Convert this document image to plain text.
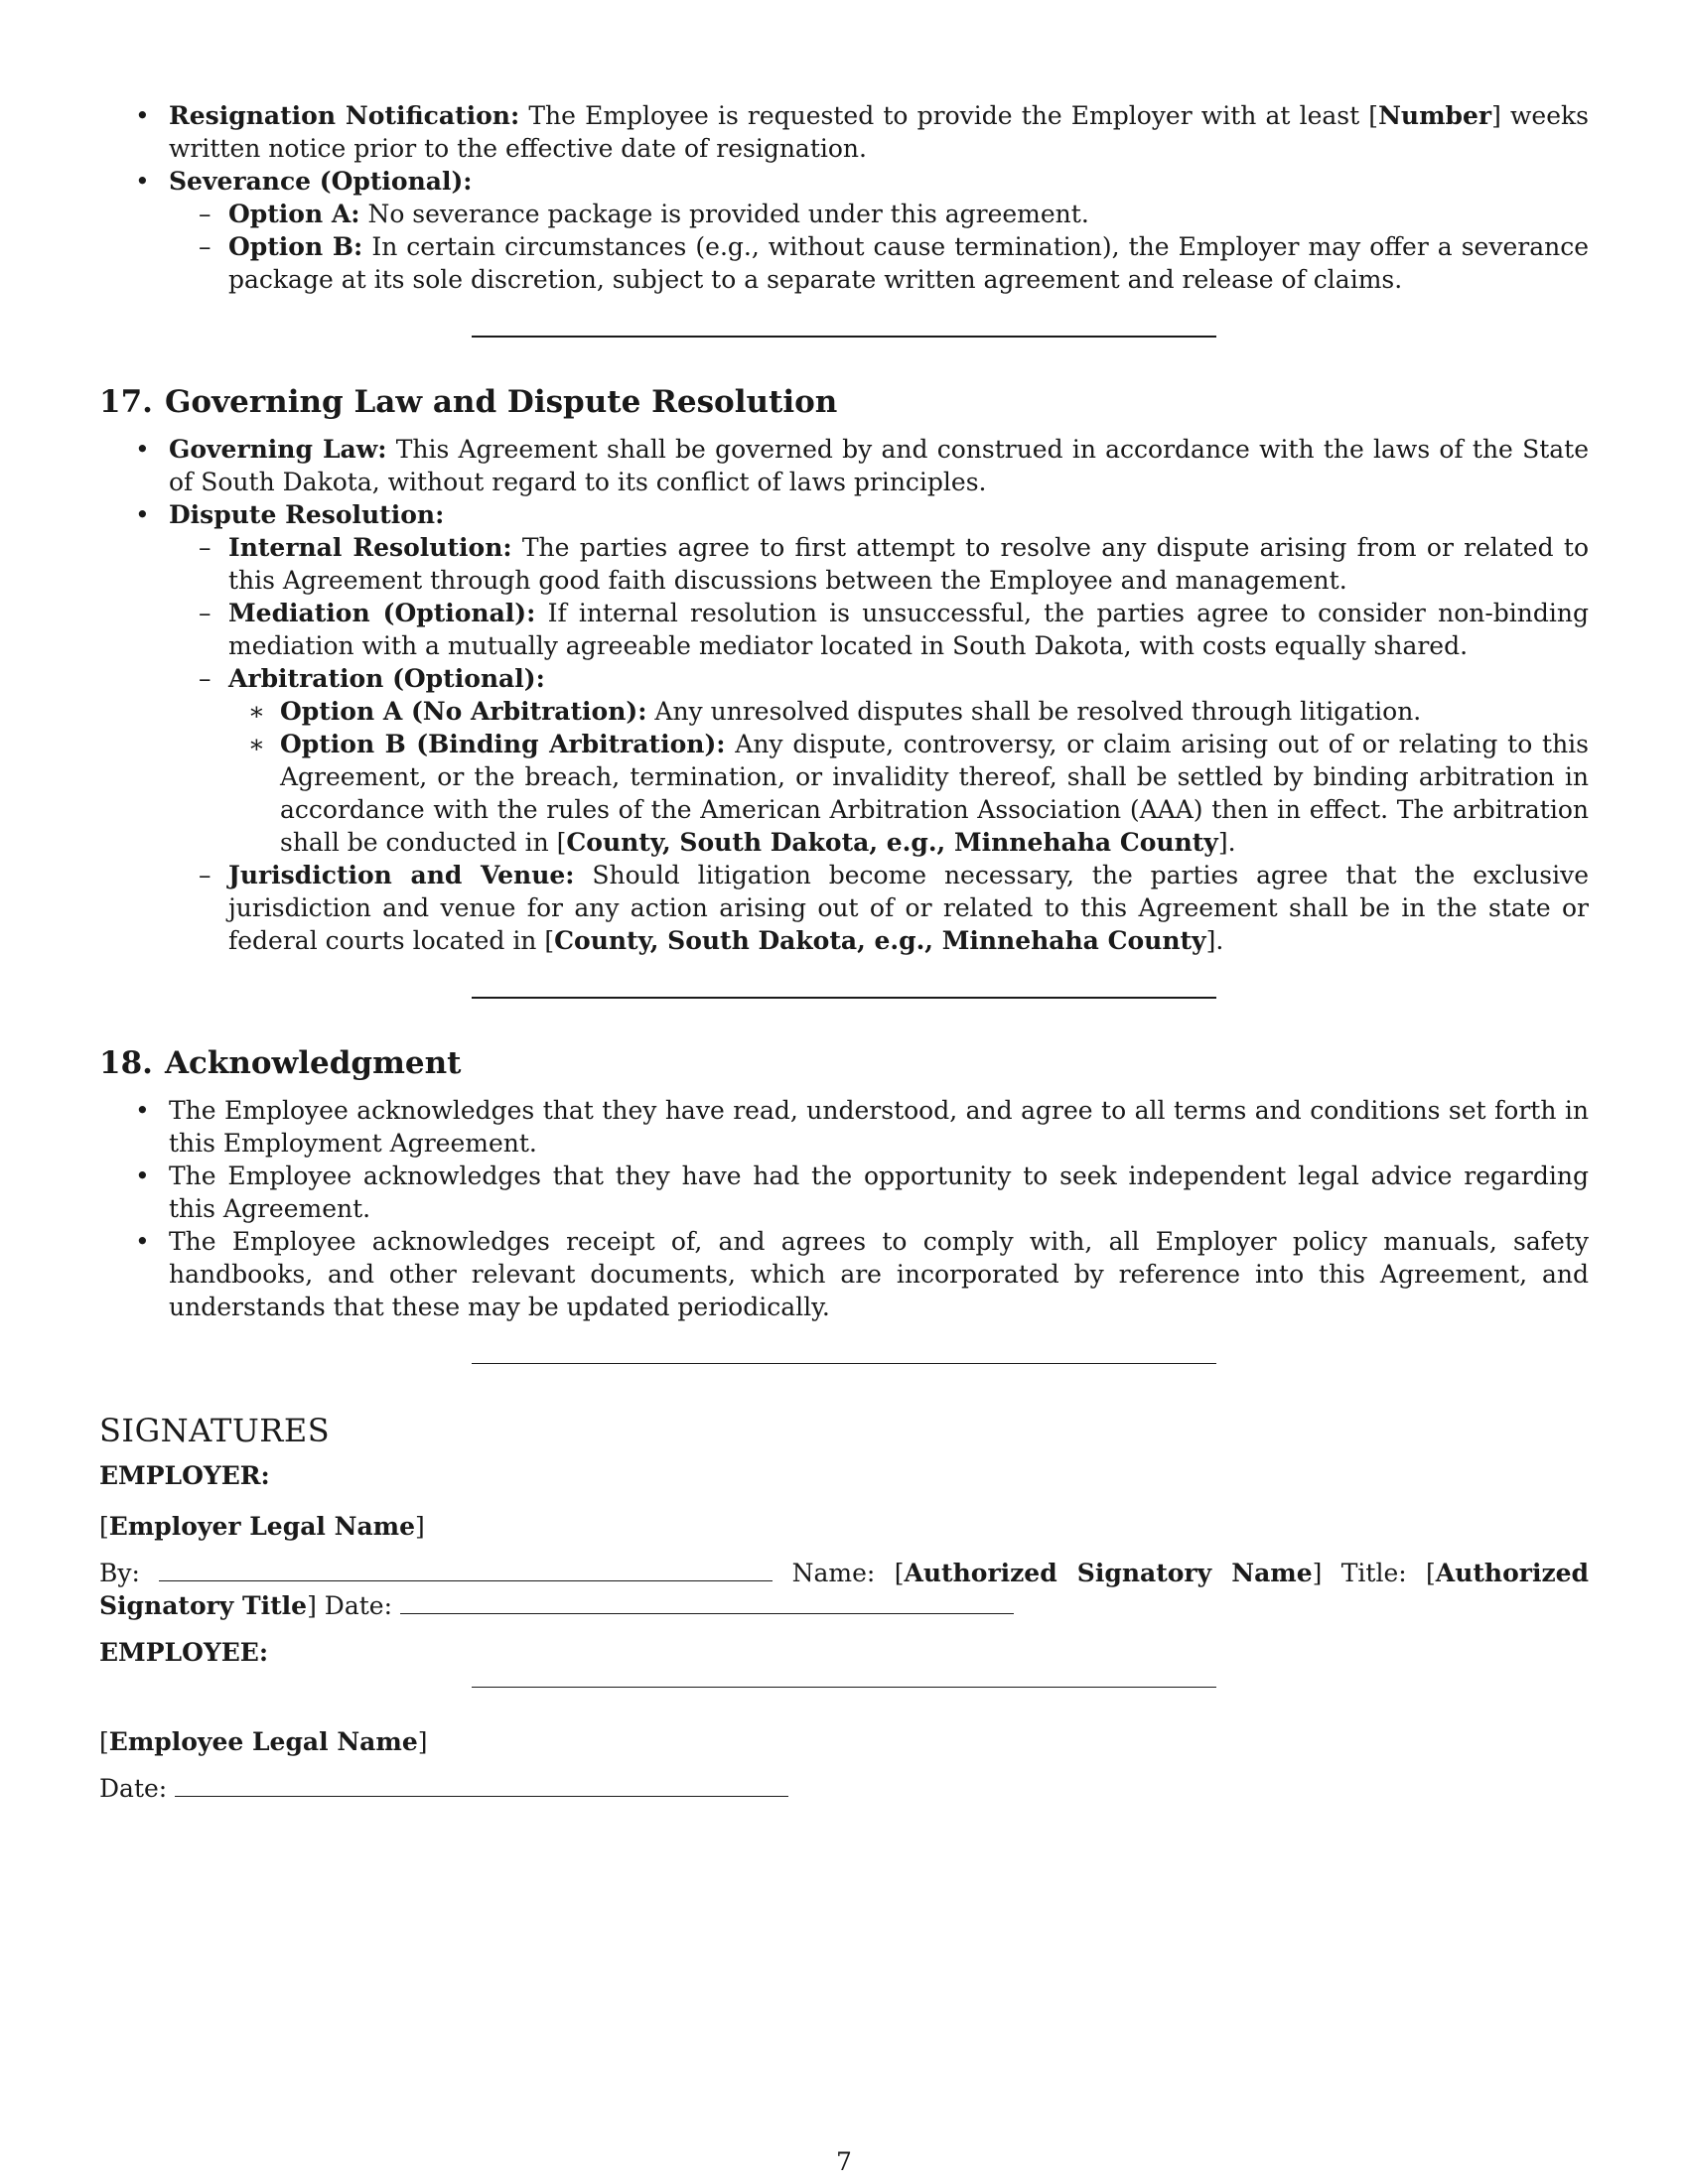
• Resignation Notification: The Employee is requested to provide the Employer with at least [Number] weeks written notice prior to the effective date of resignation.
• Severance (Optional):
– Option A: No severance package is provided under this agreement.
– Option B: In certain circumstances (e.g., without cause termination), the Employer may offer a severance package at its sole discretion, subject to a separate written agreement and release of claims.
17. Governing Law and Dispute Resolution
• Governing Law: This Agreement shall be governed by and construed in accordance with the laws of the State of South Dakota, without regard to its conflict of laws principles.
• Dispute Resolution:
– Internal Resolution: The parties agree to first attempt to resolve any dispute arising from or related to this Agreement through good faith discussions between the Employee and management.
– Mediation (Optional): If internal resolution is unsuccessful, the parties agree to consider non-binding mediation with a mutually agreeable mediator located in South Dakota, with costs equally shared.
– Arbitration (Optional):
∗ Option A (No Arbitration): Any unresolved disputes shall be resolved through litigation.
∗ Option B (Binding Arbitration): Any dispute, controversy, or claim arising out of or relating to this Agreement, or the breach, termination, or invalidity thereof, shall be settled by binding arbitration in accordance with the rules of the American Arbitration Association (AAA) then in effect. The arbitration shall be conducted in [County, South Dakota, e.g., Minnehaha County].
– Jurisdiction and Venue: Should litigation become necessary, the parties agree that the exclusive jurisdiction and venue for any action arising out of or related to this Agreement shall be in the state or federal courts located in [County, South Dakota, e.g., Minnehaha County].
18. Acknowledgment
• The Employee acknowledges that they have read, understood, and agree to all terms and conditions set forth in this Employment Agreement.
• The Employee acknowledges that they have had the opportunity to seek independent legal advice regarding this Agreement.
• The Employee acknowledges receipt of, and agrees to comply with, all Employer policy manuals, safety handbooks, and other relevant documents, which are incorporated by reference into this Agreement, and understands that these may be updated periodically.
SIGNATURES

EMPLOYER:

[Employer Legal Name]

By:	Name: [Authorized Signatory Name] Title: [Authorized Signatory Title] Date:

EMPLOYEE:

[Employee Legal Name]

Date:

7
